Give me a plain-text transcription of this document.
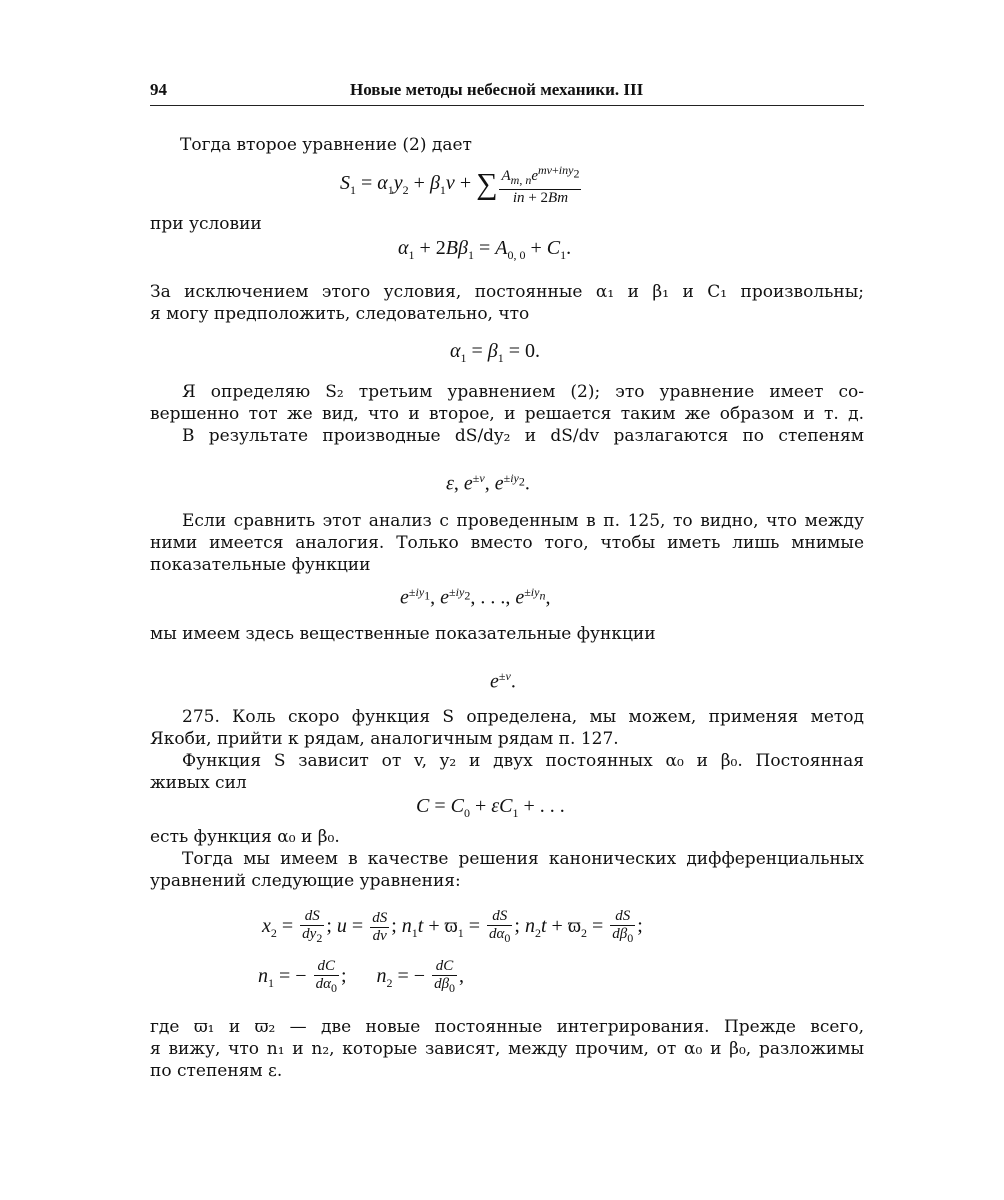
94	Новые методы небесной механики. III
Тогда второе уравнение (2) дает
$S_1 = \alpha_1y_2 + \beta_1v$ + ∑ $\frac{A_{m, n}e^{mv+iny_2}}{in + 2Bm}$
при условии
$\alpha_1 + 2B\beta_1 = A_{0, 0} + C_1$.
За исключением этого условия, постоянные α₁ и β₁ и C₁ произвольны;
я могу предположить, следовательно, что
$\alpha_1 = \beta_1 = 0$.
Я определяю S₂ третьим уравнением (2); это уравнение имеет со-
вершенно тот же вид, что и второе, и решается таким же образом и т. д.
В результате производные dS/dy₂ и dS/dv разлагаются по степеням
ε, $e^{\pm v}$, $e^{\pm iy_2}$.
Если сравнить этот анализ с проведенным в п. 125, то видно, что между
ними имеется аналогия. Только вместо того, чтобы иметь лишь мнимые
показательные функции
$e^{\pm iy_1}$, $e^{\pm iy_2}$, . . ., $e^{\pm iy_n}$,
мы имеем здесь вещественные показательные функции
$e^{\pm v}$.
275. Коль скоро функция S определена, мы можем, применяя метод
Якоби, прийти к рядам, аналогичным рядам п. 127.
Функция S зависит от v, y₂ и двух постоянных α₀ и β₀. Постоянная
живых сил
$C = C_0 + \varepsilon C_1$ + . . .
есть функция α₀ и β₀.
Тогда мы имеем в качестве решения канонических дифференциальных
уравнений следующие уравнения:
$x_2 = \frac{dS}{dy_2}$ ; $u = \frac{dS}{dv}$ ; $n_1t + ϖ_1 = \frac{dS}{d\alpha_0}$ ; $n_2t + ϖ_2 = \frac{dS}{d\beta_0}$ ;
$n_1$ = − $\frac{dC}{d\alpha_0}$ ;      $n_2$ = − $\frac{dC}{d\beta_0}$ ,
где ϖ₁ и ϖ₂ — две новые постоянные интегрирования. Прежде всего,
я вижу, что n₁ и n₂, которые зависят, между прочим, от α₀ и β₀, разложимы
по степеням ε.
